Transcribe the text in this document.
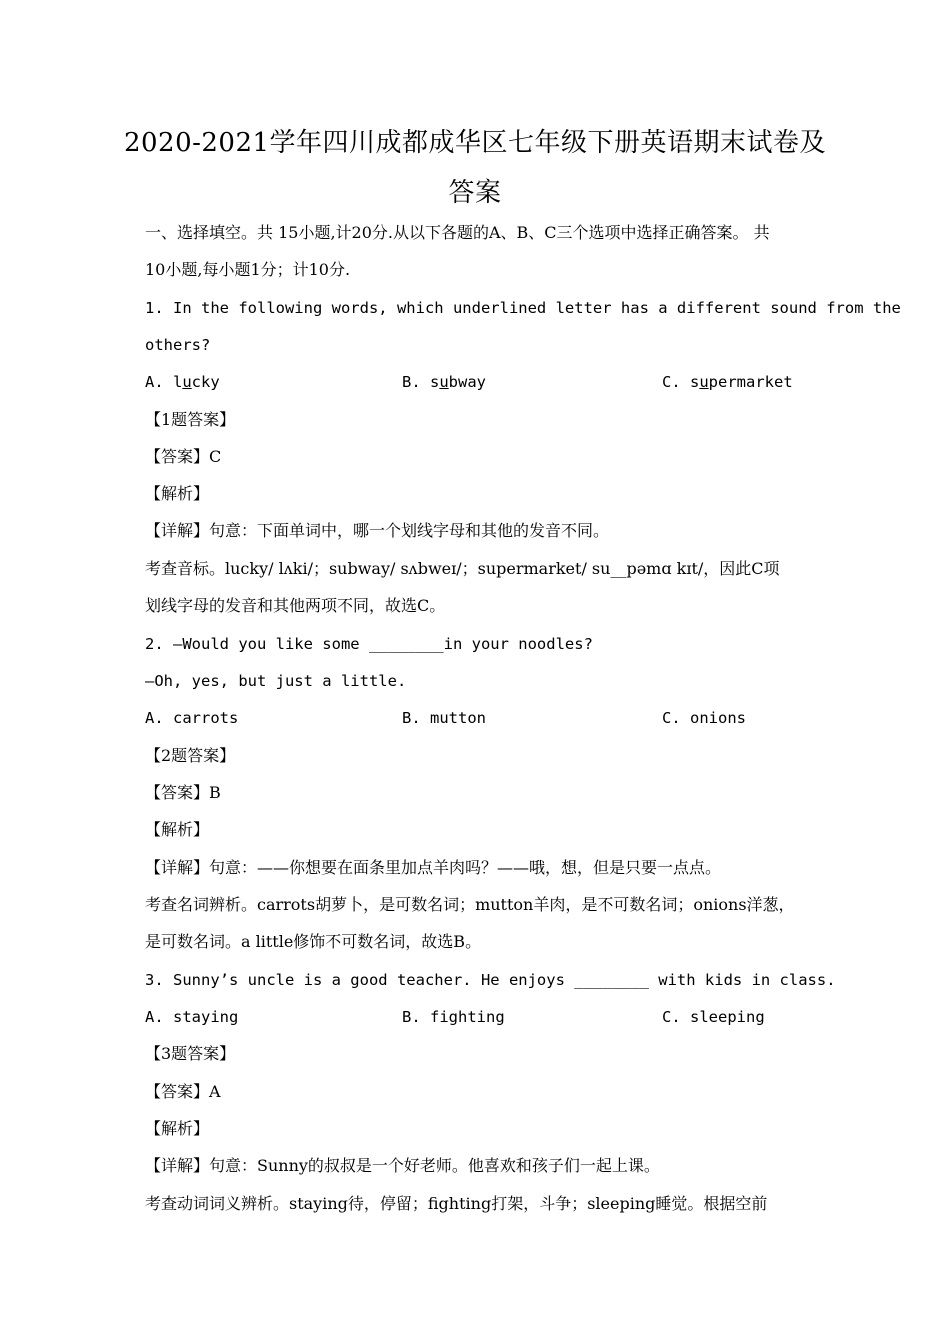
2020-2021学年四川成都成华区七年级下册英语期末试卷及
答案
一、选择填空。共 15小题,计20分.从以下各题的A、B、C三个选项中选择正确答案。 共
10小题,每小题1分；计10分.
1. In the following words, which underlined letter has a different sound from the
others?
A. lucky	B. subway	C. supermarket
【1题答案】
【答案】C
【解析】
【详解】句意：下面单词中，哪一个划线字母和其他的发音不同。
考查音标。lucky/ lʌki/；subway/ sʌbweɪ/；supermarket/ su__pəmɑ kɪt/，因此C项
划线字母的发音和其他两项不同，故选C。
2. —Would you like some ________in your noodles?
—Oh, yes, but just a little.
A. carrots	B. mutton	C. onions
【2题答案】
【答案】B
【解析】
【详解】句意：——你想要在面条里加点羊肉吗？——哦，想，但是只要一点点。
考查名词辨析。carrots胡萝卜，是可数名词；mutton羊肉，是不可数名词；onions洋葱，
是可数名词。a little修饰不可数名词，故选B。
3. Sunny’s uncle is a good teacher. He enjoys ________ with kids in class.
A. staying	B. fighting	C. sleeping
【3题答案】
【答案】A
【解析】
【详解】句意：Sunny的叔叔是一个好老师。他喜欢和孩子们一起上课。
考查动词词义辨析。staying待，停留；fighting打架，斗争；sleeping睡觉。根据空前
